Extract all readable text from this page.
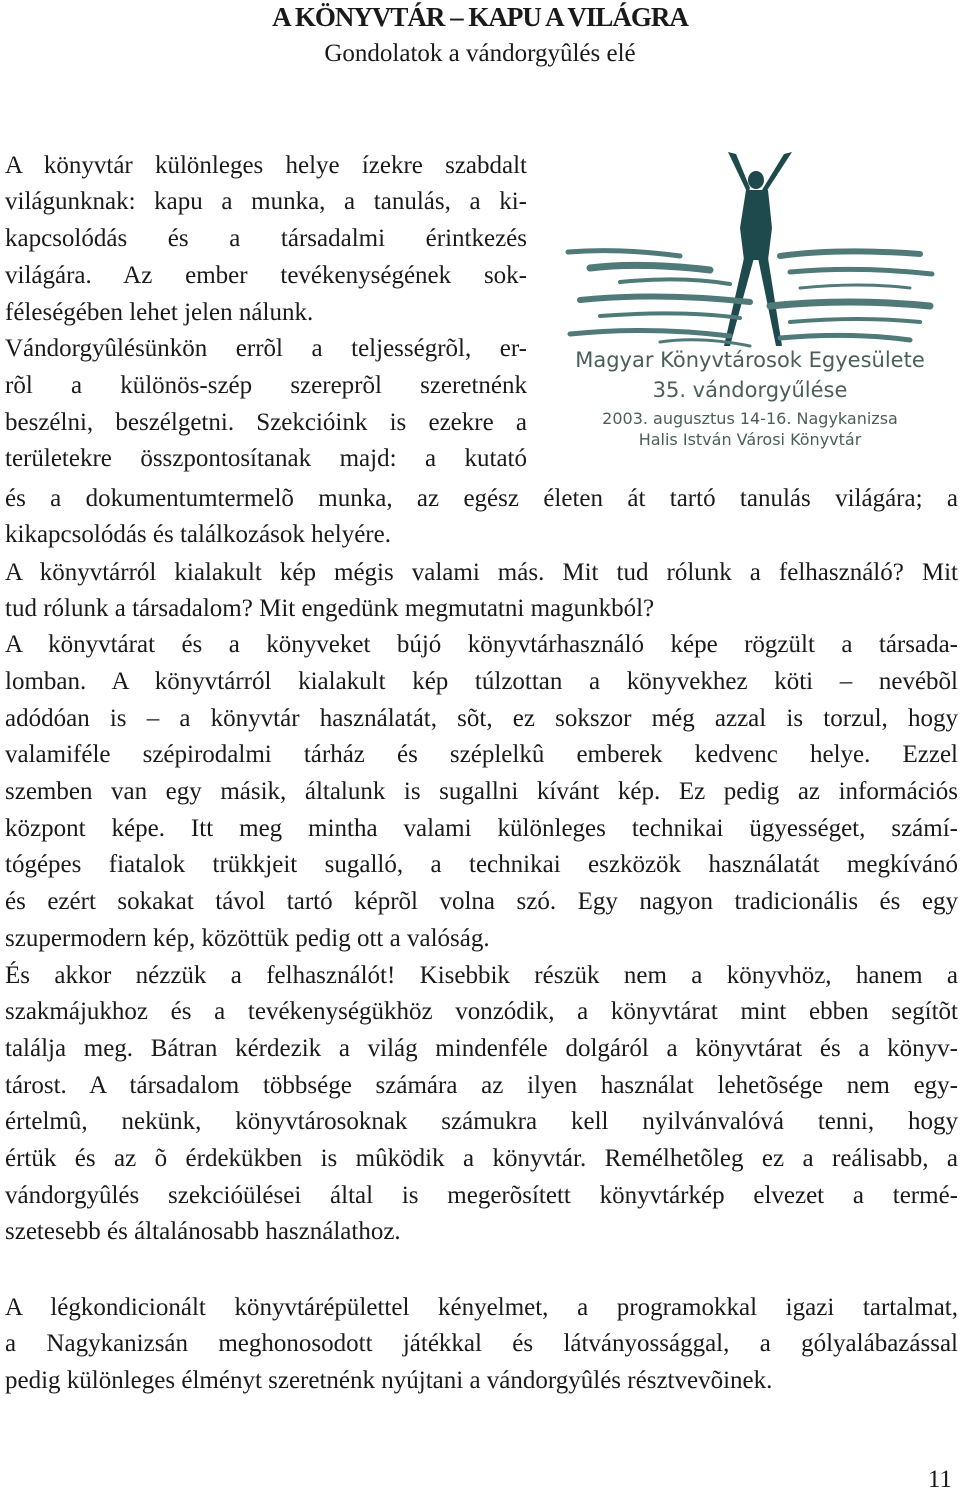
A KÖNYVTÁR – KAPU A VILÁGRA
Gondolatok a vándorgyûlés elé
Magyar Könyvtárosok Egyesülete
35. vándorgyűlése
2003. augusztus 14-16. Nagykanizsa
Halis István Városi Könyvtár
A könyvtár különleges helye ízekre szabdalt
világunknak: kapu a munka, a tanulás, a ki-
kapcsolódás és a társadalmi érintkezés
világára. Az ember tevékenységének sok-
féleségében lehet jelen nálunk.
Vándorgyûlésünkön errõl a teljességrõl, er-
rõl a különös-szép szereprõl szeretnénk
beszélni, beszélgetni. Szekcióink is ezekre a
területekre összpontosítanak majd: a kutató
és a dokumentumtermelõ munka, az egész életen át tartó tanulás világára; a
kikapcsolódás és találkozások helyére.
A könyvtárról kialakult kép mégis valami más. Mit tud rólunk a felhasználó? Mit
tud rólunk a társadalom? Mit engedünk megmutatni magunkból?
A könyvtárat és a könyveket bújó könyvtárhasználó képe rögzült a társada-
lomban. A könyvtárról kialakult kép túlzottan a könyvekhez köti – nevébõl
adódóan is – a könyvtár használatát, sõt, ez sokszor még azzal is torzul, hogy
valamiféle szépirodalmi tárház és széplelkû emberek kedvenc helye. Ezzel
szemben van egy másik, általunk is sugallni kívánt kép. Ez pedig az információs
központ képe. Itt meg mintha valami különleges technikai ügyességet, számí-
tógépes fiatalok trükkjeit sugalló, a technikai eszközök használatát megkívánó
és ezért sokakat távol tartó képrõl volna szó. Egy nagyon tradicionális és egy
szupermodern kép, közöttük pedig ott a valóság.
És akkor nézzük a felhasználót! Kisebbik részük nem a könyvhöz, hanem a
szakmájukhoz és a tevékenységükhöz vonzódik, a könyvtárat mint ebben segítõt
találja meg. Bátran kérdezik a világ mindenféle dolgáról a könyvtárat és a könyv-
tárost. A társadalom többsége számára az ilyen használat lehetõsége nem egy-
értelmû, nekünk, könyvtárosoknak számukra kell nyilvánvalóvá tenni, hogy
értük és az õ érdekükben is mûködik a könyvtár. Remélhetõleg ez a reálisabb, a
vándorgyûlés szekcióülései által is megerõsített könyvtárkép elvezet a termé-
szetesebb és általánosabb használathoz.
A légkondicionált könyvtárépülettel kényelmet, a programokkal igazi tartalmat,
a Nagykanizsán meghonosodott játékkal és látványossággal, a gólyalábazással
pedig különleges élményt szeretnénk nyújtani a vándorgyûlés résztvevõinek.
11
